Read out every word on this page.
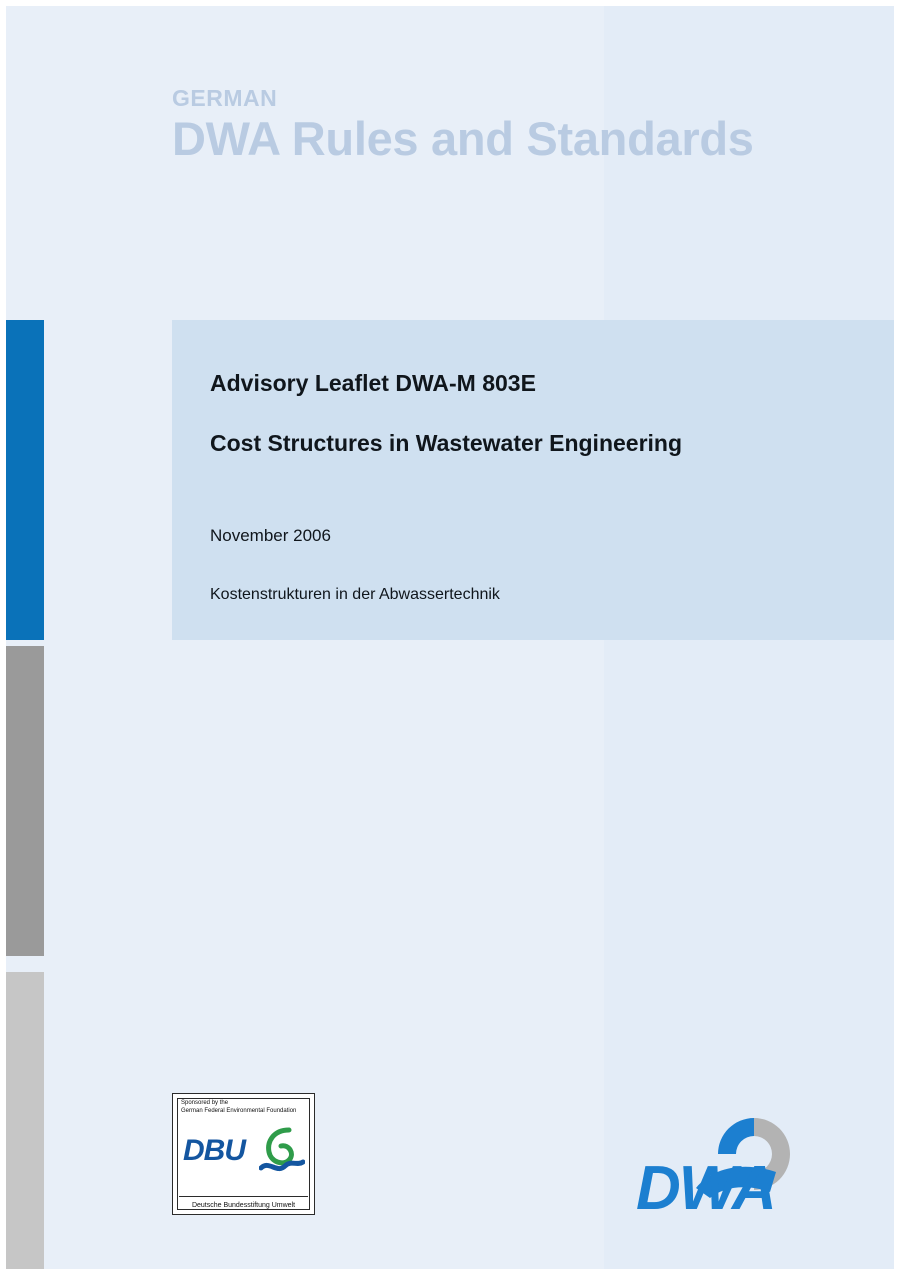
GERMAN
DWA Rules and Standards
Advisory Leaflet DWA-M 803E
Cost Structures in Wastewater Engineering
November 2006
Kostenstrukturen in der Abwassertechnik
Sponsored by the
German Federal Environmental Foundation
DBU
Deutsche Bundesstiftung Umwelt	DWA
